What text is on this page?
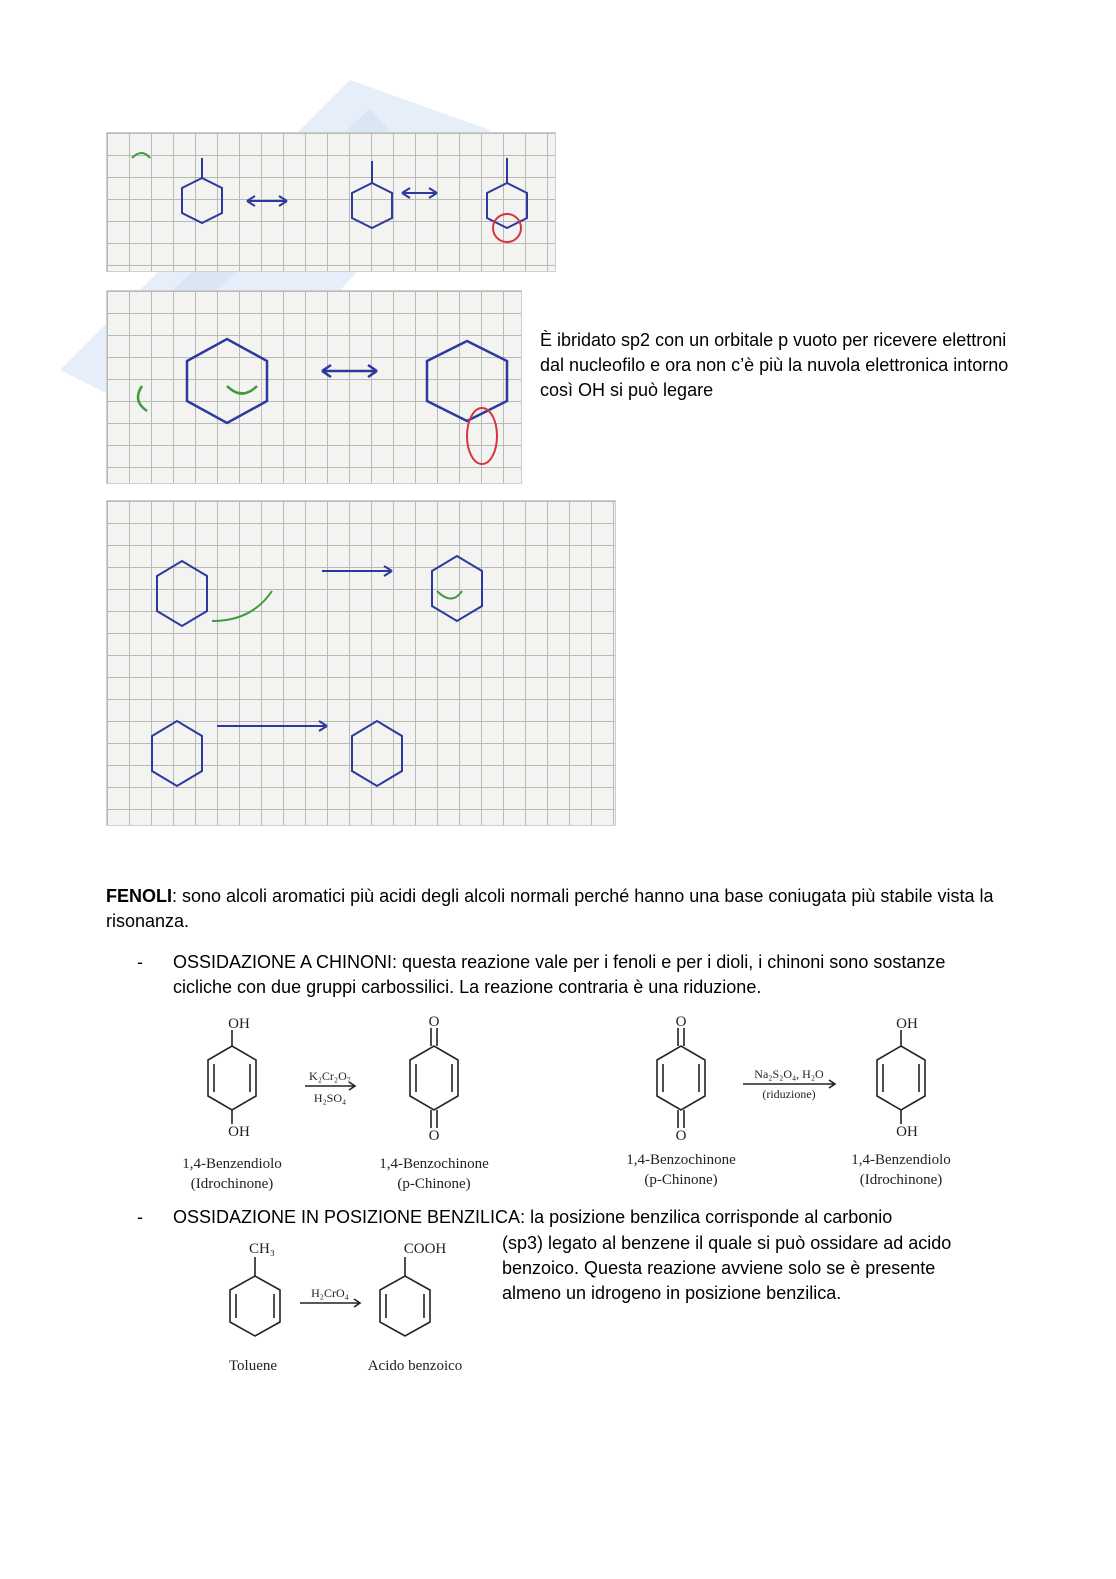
È ibridato sp2 con un orbitale p vuoto per ricevere elettroni dal nucleofilo e ora non c’è più la nuvola elettronica intorno così OH si può legare
FENOLI: sono alcoli aromatici più acidi degli alcoli normali perché hanno una base coniugata più stabile vista la risonanza.
- OSSIDAZIONE A CHINONI: questa reazione vale per i fenoli e per i dioli, i chinoni sono sostanze cicliche con due gruppi carbossilici. La reazione contraria è una riduzione.
OH
OH
K₂Cr₂O₇
H₂SO₄
O
O
1,4-Benzendiolo
(Idrochinone)
1,4-Benzochinone
(p-Chinone)
O
O
Na₂S₂O₄, H₂O
(riduzione)
OH
OH
1,4-Benzochinone
(p-Chinone)
1,4-Benzendiolo
(Idrochinone)
- OSSIDAZIONE IN POSIZIONE BENZILICA: la posizione benzilica corrisponde al carbonio
(sp3) legato al benzene il quale si può ossidare ad acido benzoico. Questa reazione avviene solo se è presente almeno un idrogeno in posizione benzilica.
CH₃	COOH
H₂CrO₄
Toluene	Acido benzoico
